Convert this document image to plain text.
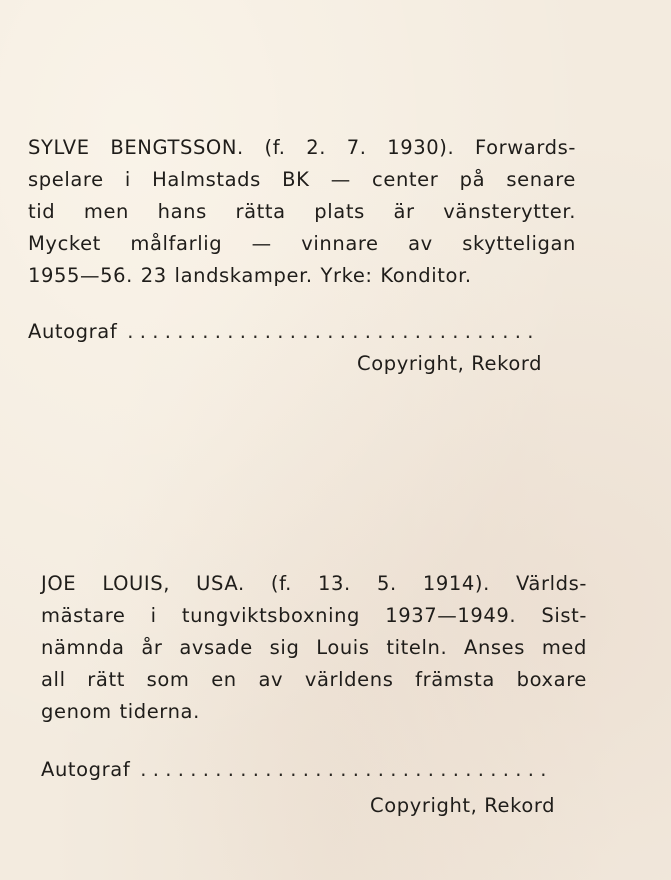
SYLVE BENGTSSON. (f. 2. 7. 1930). Forwards-
spelare i Halmstads BK — center på senare
tid men hans rätta plats är vänsterytter.
Mycket målfarlig — vinnare av skytteligan
1955—56. 23 landskamper. Yrke: Konditor.
Autograf .................................
Copyright, Rekord
JOE LOUIS, USA. (f. 13. 5. 1914). Världs-
mästare i tungviktsboxning 1937—1949. Sist-
nämnda år avsade sig Louis titeln. Anses med
all rätt som en av världens främsta boxare
genom tiderna.
Autograf .................................
Copyright, Rekord
